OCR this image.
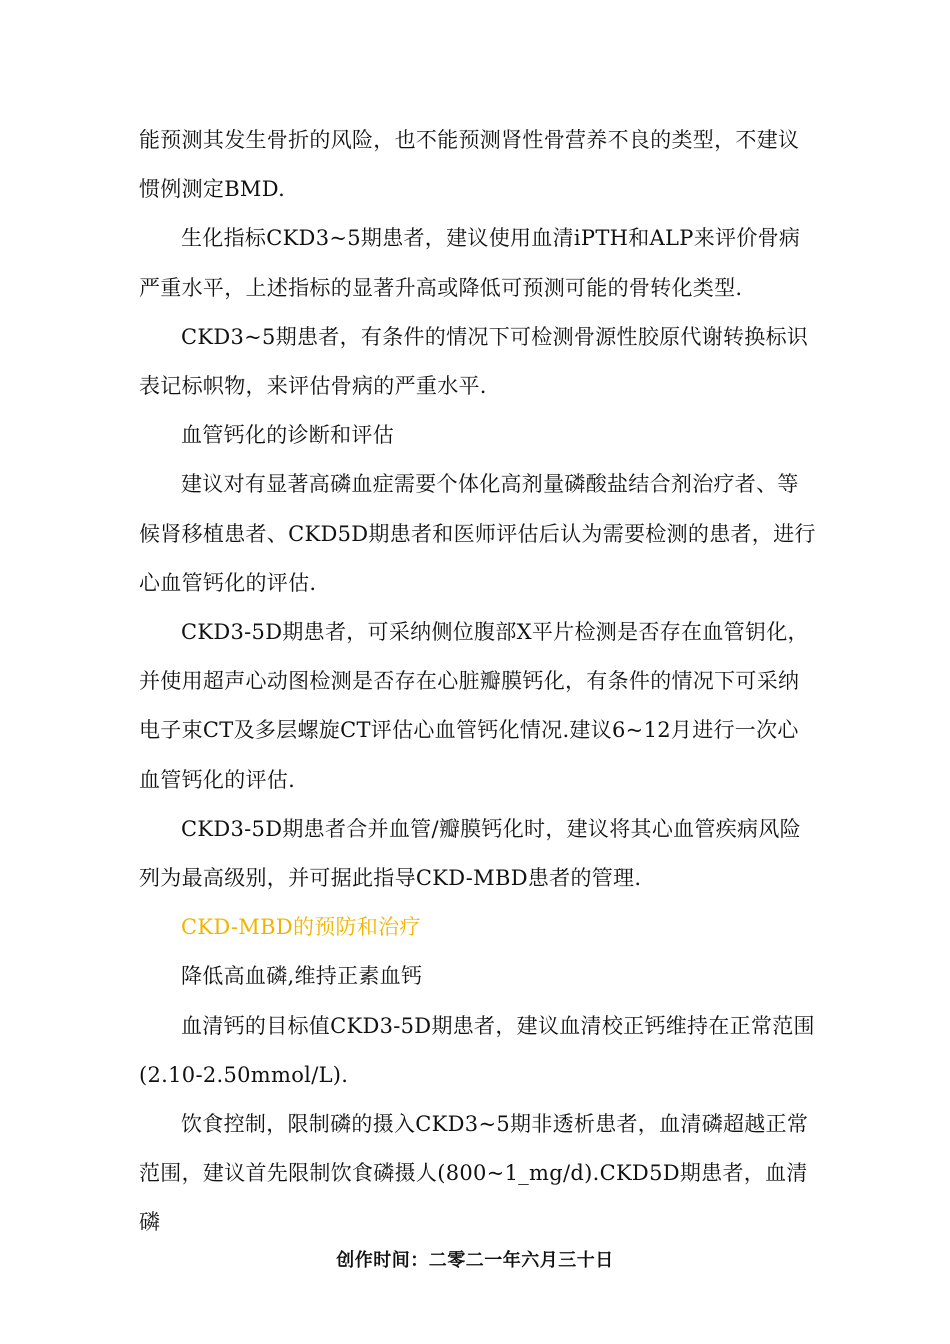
能预测其发生骨折的风险，也不能预测肾性骨营养不良的类型，不建议惯例测定BMD.

生化指标CKD3~5期患者，建议使用血清iPTH和ALP来评价骨病严重水平，上述指标的显著升高或降低可预测可能的骨转化类型.

CKD3~5期患者，有条件的情况下可检测骨源性胶原代谢转换标识表记标帜物，来评估骨病的严重水平.

血管钙化的诊断和评估

建议对有显著高磷血症需要个体化高剂量磷酸盐结合剂治疗者、等候肾移植患者、CKD5D期患者和医师评估后认为需要检测的患者，进行心血管钙化的评估.

CKD3-5D期患者，可采纳侧位腹部X平片检测是否存在血管钥化，并使用超声心动图检测是否存在心脏瓣膜钙化，有条件的情况下可采纳电子束CT及多层螺旋CT评估心血管钙化情况.建议6~12月进行一次心血管钙化的评估.

CKD3-5D期患者合并血管/瓣膜钙化时，建议将其心血管疾病风险列为最高级别，并可据此指导CKD-MBD患者的管理.

CKD-MBD的预防和治疗

降低高血磷,维持正素血钙

血清钙的目标值CKD3-5D期患者，建议血清校正钙维持在正常范围(2.10-2.50mmol/L).

饮食控制，限制磷的摄入CKD3~5期非透析患者，血清磷超越正常范围，建议首先限制饮食磷摄人(800~1_mg/d).CKD5D期患者，血清磷

创作时间：二零二一年六月三十日
